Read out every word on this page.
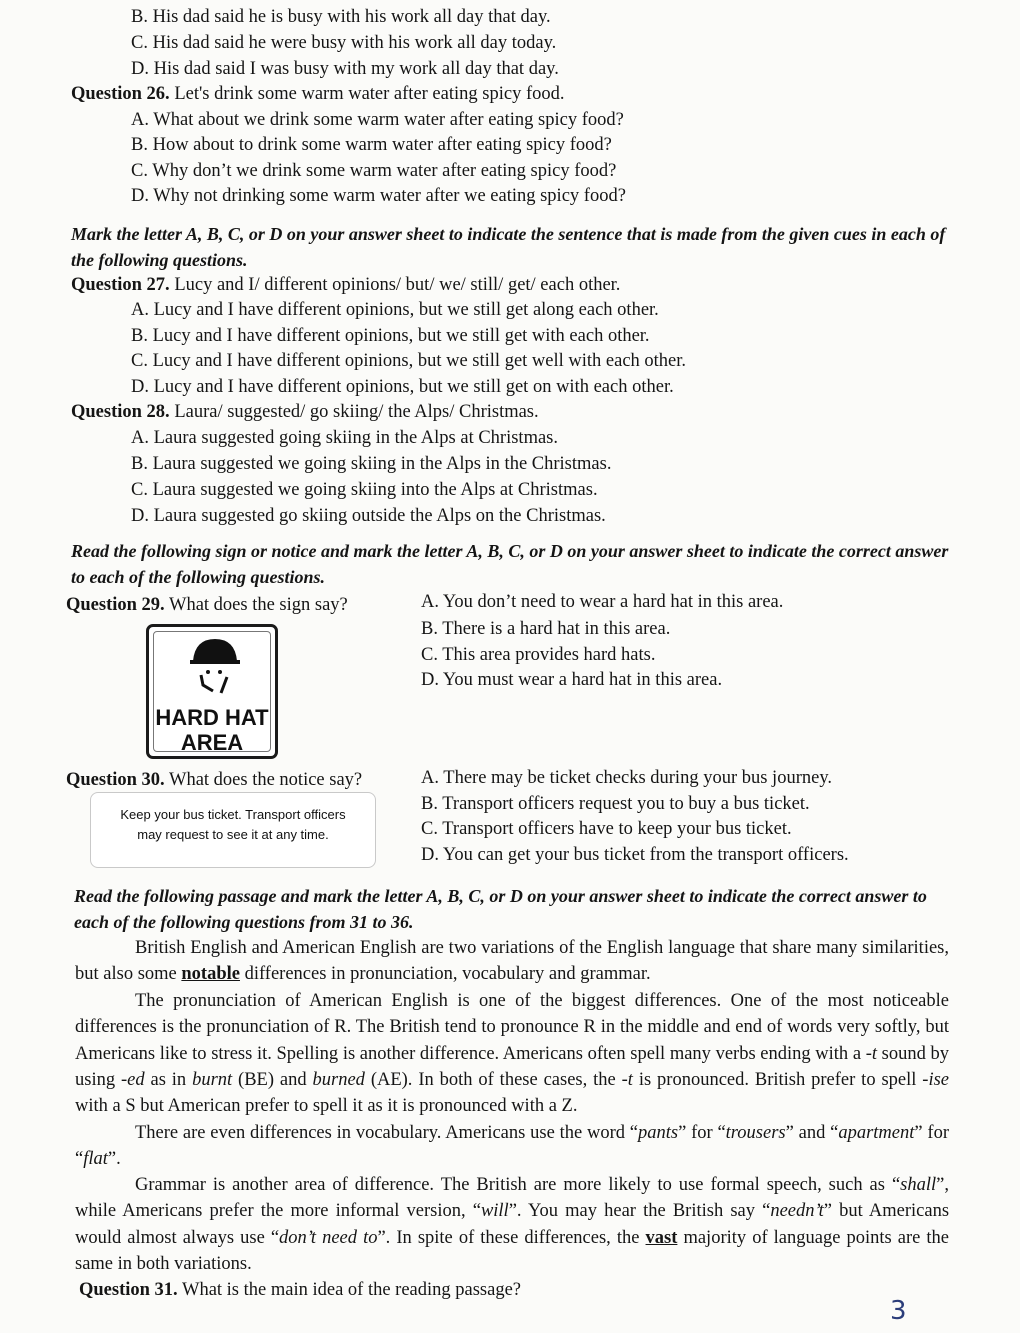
B. His dad said he is busy with his work all day that day.
C. His dad said he were busy with his work all day today.
D. His dad said I was busy with my work all day that day.
Question 26. Let's drink some warm water after eating spicy food.
A. What about we drink some warm water after eating spicy food?
B. How about to drink some warm water after eating spicy food?
C. Why don’t we drink some warm water after eating spicy food?
D. Why not drinking some warm water after we eating spicy food?
Mark the letter A, B, C, or D on your answer sheet to indicate the sentence that is made from the given cues in each of the following questions.
Question 27. Lucy and I/ different opinions/ but/ we/ still/ get/ each other.
A. Lucy and I have different opinions, but we still get along each other.
B. Lucy and I have different opinions, but we still get with each other.
C. Lucy and I have different opinions, but we still get well with each other.
D. Lucy and I have different opinions, but we still get on with each other.
Question 28. Laura/ suggested/ go skiing/ the Alps/ Christmas.
A. Laura suggested going skiing in the Alps at Christmas.
B. Laura suggested we going skiing in the Alps in the Christmas.
C. Laura suggested we going skiing into the Alps at Christmas.
D. Laura suggested go skiing outside the Alps on the Christmas.
Read the following sign or notice and mark the letter A, B, C, or D on your answer sheet to indicate the correct answer to each of the following questions.
Question 29. What does the sign say?
HARD HAT
AREA
A. You don’t need to wear a hard hat in this area.
B. There is a hard hat in this area.
C. This area provides hard hats.
D. You must wear a hard hat in this area.
Question 30. What does the notice say?
Keep your bus ticket. Transport officers
may request to see it at any time.
A. There may be ticket checks during your bus journey.
B. Transport officers request you to buy a bus ticket.
C. Transport officers have to keep your bus ticket.
D. You can get your bus ticket from the transport officers.
Read the following passage and mark the letter A, B, C, or D on your answer sheet to indicate the correct answer to each of the following questions from 31 to 36.
British English and American English are two variations of the English language that share many similarities, but also some notable differences in pronunciation, vocabulary and grammar.
The pronunciation of American English is one of the biggest differences. One of the most noticeable differences is the pronunciation of R. The British tend to pronounce R in the middle and end of words very softly, but Americans like to stress it. Spelling is another difference. Americans often spell many verbs ending with a -t sound by using -ed as in burnt (BE) and burned (AE). In both of these cases, the -t is pronounced. British prefer to spell -ise with a S but American prefer to spell it as it is pronounced with a Z.
There are even differences in vocabulary. Americans use the word “pants” for “trousers” and “apartment” for “flat”.
Grammar is another area of difference. The British are more likely to use formal speech, such as “shall”, while Americans prefer the more informal version, “will”. You may hear the British say “needn’t” but Americans would almost always use “don’t need to”. In spite of these differences, the vast majority of language points are the same in both variations.
Question 31. What is the main idea of the reading passage?
3
